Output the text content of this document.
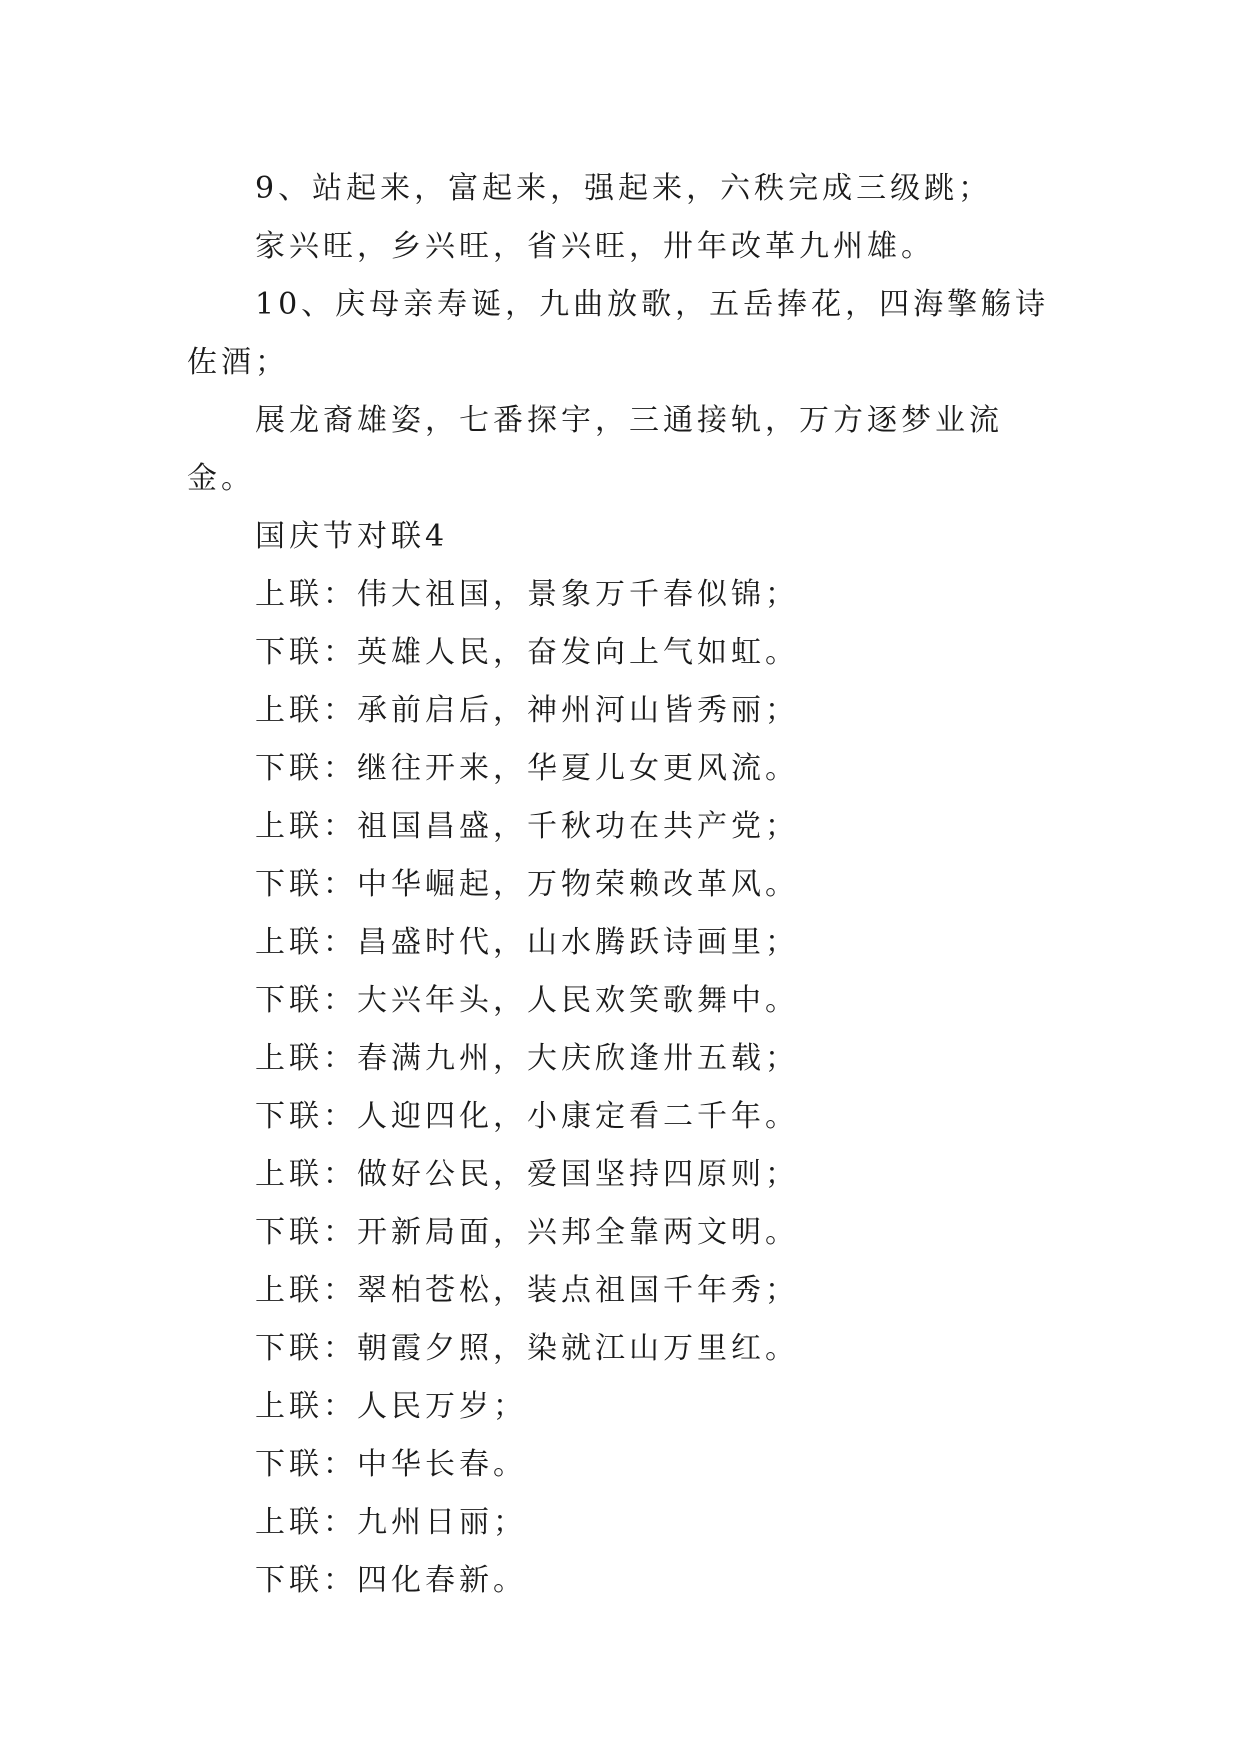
9、站起来，富起来，强起来，六秩完成三级跳；

家兴旺，乡兴旺，省兴旺，卅年改革九州雄。

10、庆母亲寿诞，九曲放歌，五岳捧花，四海擎觞诗佐酒；

展龙裔雄姿，七番探宇，三通接轨，万方逐梦业流金。

国庆节对联4

上联：伟大祖国，景象万千春似锦；

下联：英雄人民，奋发向上气如虹。

上联：承前启后，神州河山皆秀丽；

下联：继往开来，华夏儿女更风流。

上联：祖国昌盛，千秋功在共产党；

下联：中华崛起，万物荣赖改革风。

上联：昌盛时代，山水腾跃诗画里；

下联：大兴年头，人民欢笑歌舞中。

上联：春满九州，大庆欣逢卅五载；

下联：人迎四化，小康定看二千年。

上联：做好公民，爱国坚持四原则；

下联：开新局面，兴邦全靠两文明。

上联：翠柏苍松，装点祖国千年秀；

下联：朝霞夕照，染就江山万里红。

上联：人民万岁；

下联：中华长春。

上联：九州日丽；

下联：四化春新。
